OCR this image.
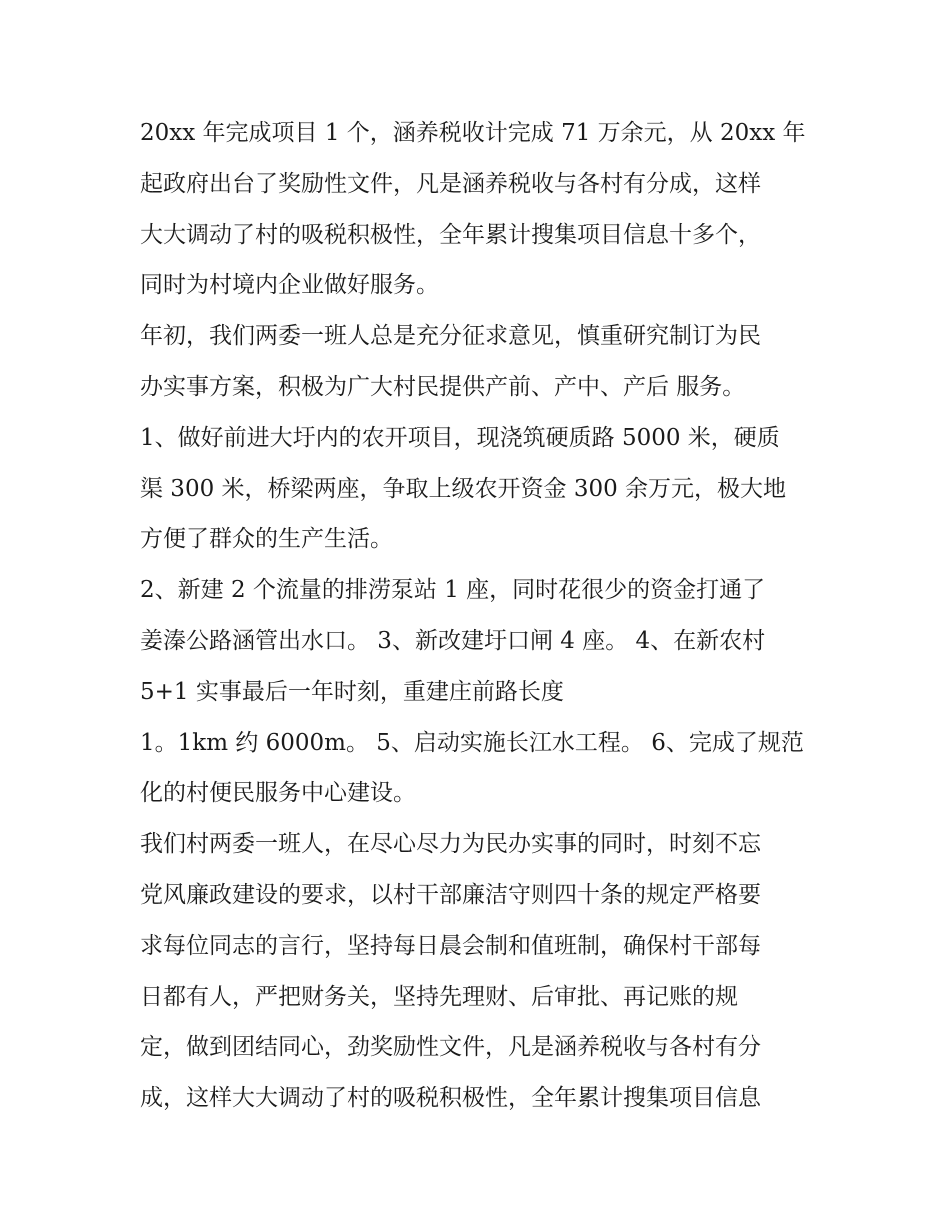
20xx 年完成项目 1 个，涵养税收计完成 71 万余元，从 20xx 年
起政府出台了奖励性文件，凡是涵养税收与各村有分成，这样
大大调动了村的吸税积极性，全年累计搜集项目信息十多个，
同时为村境内企业做好服务。
年初，我们两委一班人总是充分征求意见，慎重研究制订为民
办实事方案，积极为广大村民提供产前、产中、产后 服务。
1、做好前进大圩内的农开项目，现浇筑硬质路 5000 米，硬质
渠 300 米，桥梁两座，争取上级农开资金 300 余万元，极大地
方便了群众的生产生活。
2、新建 2 个流量的排涝泵站 1 座，同时花很少的资金打通了
姜溱公路涵管出水口。 3、新改建圩口闸 4 座。 4、在新农村
5+1 实事最后一年时刻，重建庄前路长度
1。1km 约 6000m。 5、启动实施长江水工程。 6、完成了规范
化的村便民服务中心建设。
我们村两委一班人，在尽心尽力为民办实事的同时，时刻不忘
党风廉政建设的要求，以村干部廉洁守则四十条的规定严格要
求每位同志的言行，坚持每日晨会制和值班制，确保村干部每
日都有人，严把财务关，坚持先理财、后审批、再记账的规
定，做到团结同心，劲奖励性文件，凡是涵养税收与各村有分
成，这样大大调动了村的吸税积极性，全年累计搜集项目信息
